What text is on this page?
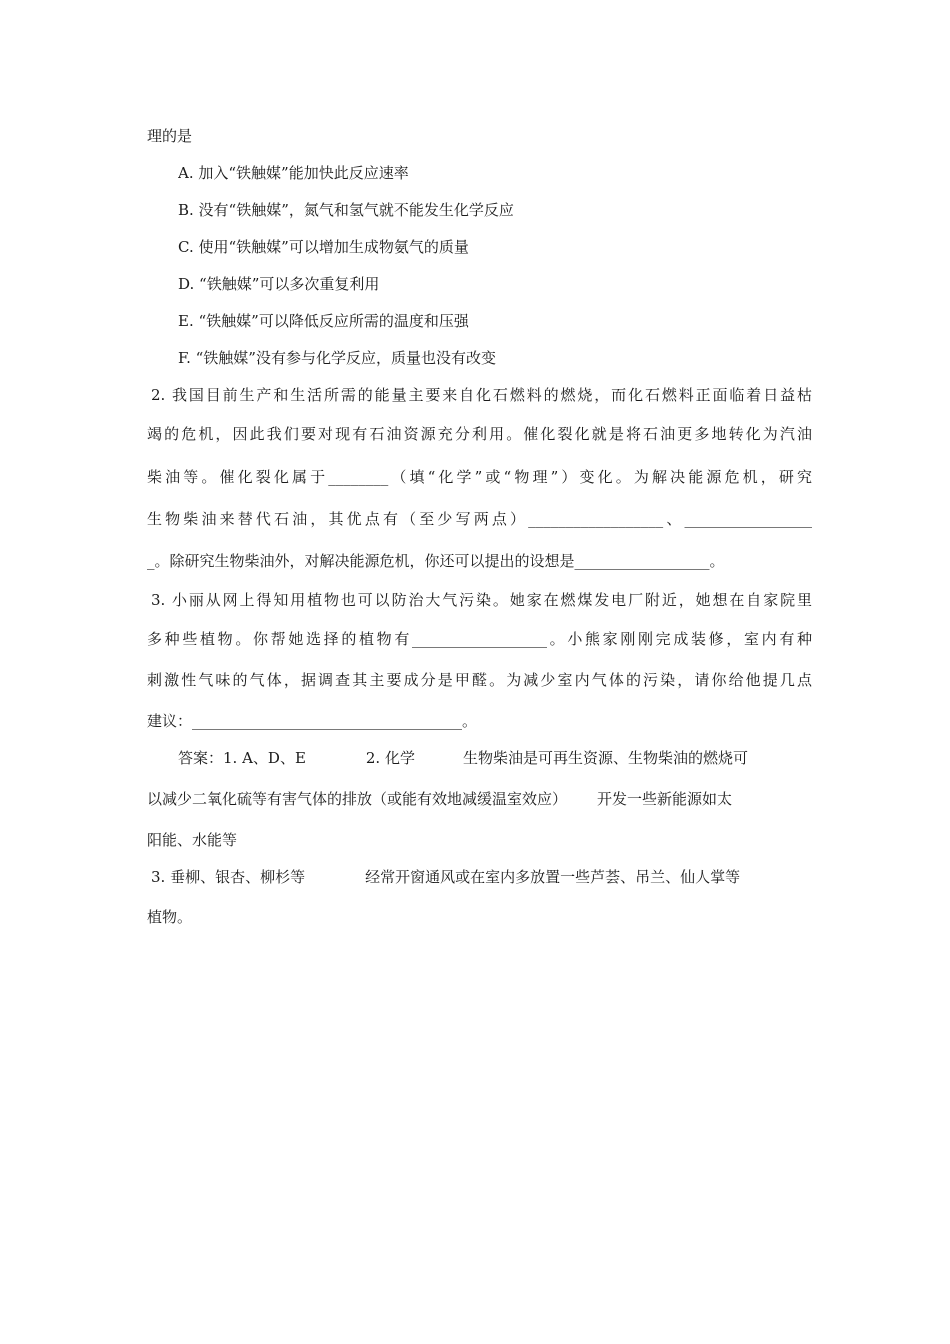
理的是
A. 加入“铁触媒”能加快此反应速率
B. 没有“铁触媒”，氮气和氢气就不能发生化学反应
C. 使用“铁触媒”可以增加生成物氨气的质量
D. “铁触媒”可以多次重复利用
E. “铁触媒”可以降低反应所需的温度和压强
F. “铁触媒”没有参与化学反应，质量也没有改变
2. 我国目前生产和生活所需的能量主要来自化石燃料的燃烧，而化石燃料正面临着日益枯
竭的危机，因此我们要对现有石油资源充分利用。催化裂化就是将石油更多地转化为汽油
柴油等。催化裂化属于________（填“化学”或“物理”）变化。为解决能源危机，研究
生物柴油来替代石油，其优点有（至少写两点）__________________、_________________
_。除研究生物柴油外，对解决能源危机，你还可以提出的设想是__________________。
3. 小丽从网上得知用植物也可以防治大气污染。她家在燃煤发电厂附近，她想在自家院里
多种些植物。你帮她选择的植物有__________________。小熊家刚刚完成装修，室内有种
刺激性气味的气体，据调查其主要成分是甲醛。为减少室内气体的污染，请你给他提几点
建议：____________________________________。
答案：1. A、D、E	2. 化学	生物柴油是可再生资源、生物柴油的燃烧可
以减少二氧化硫等有害气体的排放（或能有效地减缓温室效应） 开发一些新能源如太
阳能、水能等
3. 垂柳、银杏、柳杉等	经常开窗通风或在室内多放置一些芦荟、吊兰、仙人掌等
植物。
